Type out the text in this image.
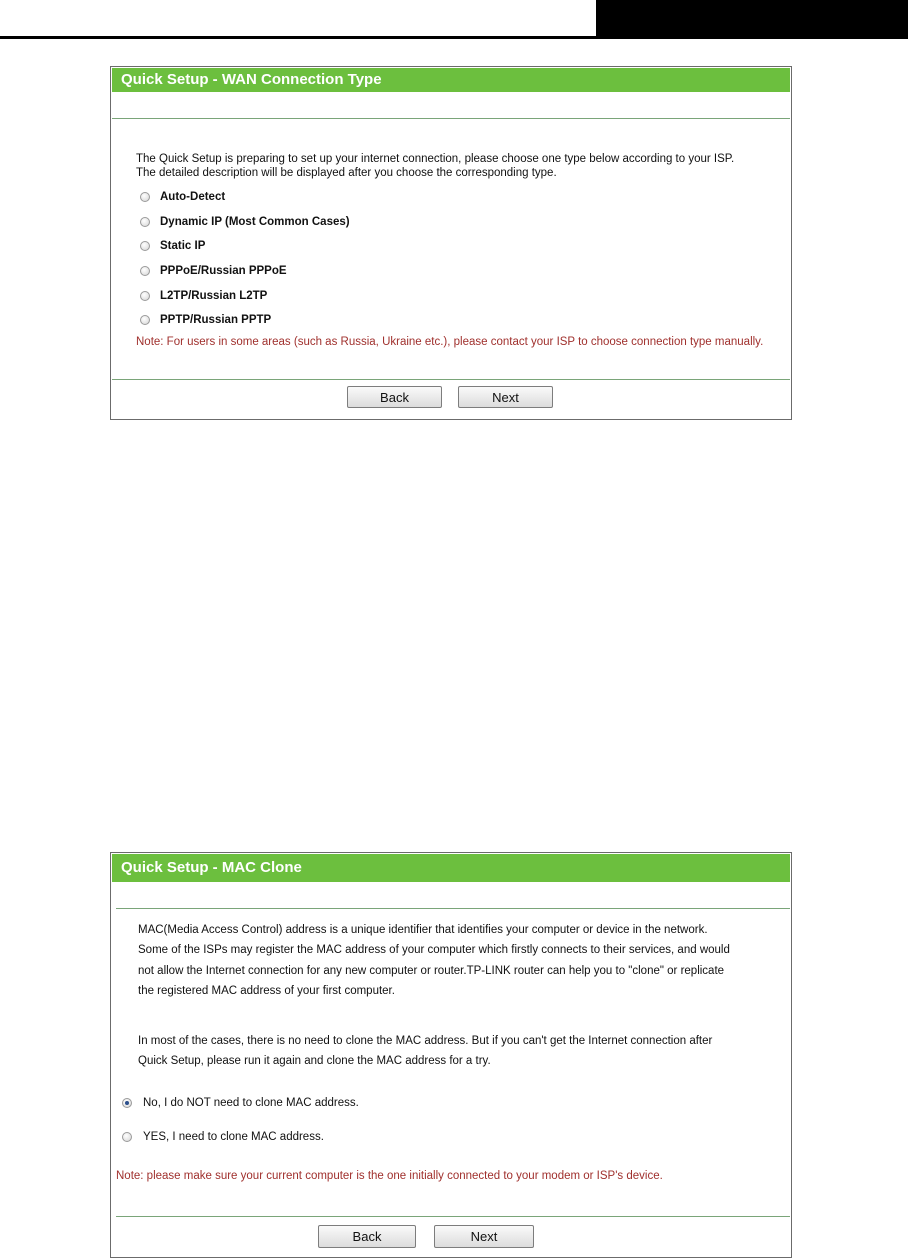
Quick Setup - WAN Connection Type
The Quick Setup is preparing to set up your internet connection, please choose one type below according to your ISP.
The detailed description will be displayed after you choose the corresponding type.
Auto-Detect
Dynamic IP (Most Common Cases)
Static IP
PPPoE/Russian PPPoE
L2TP/Russian L2TP
PPTP/Russian PPTP
Note: For users in some areas (such as Russia, Ukraine etc.), please contact your ISP to choose connection type manually.
Back	Next
Quick Setup - MAC Clone
MAC(Media Access Control) address is a unique identifier that identifies your computer or device in the network.
Some of the ISPs may register the MAC address of your computer which firstly connects to their services, and would
not allow the Internet connection for any new computer or router.TP-LINK router can help you to "clone" or replicate
the registered MAC address of your first computer.
In most of the cases, there is no need to clone the MAC address. But if you can't get the Internet connection after
Quick Setup, please run it again and clone the MAC address for a try.
No, I do NOT need to clone MAC address.
YES, I need to clone MAC address.
Note: please make sure your current computer is the one initially connected to your modem or ISP's device.
Back	Next
